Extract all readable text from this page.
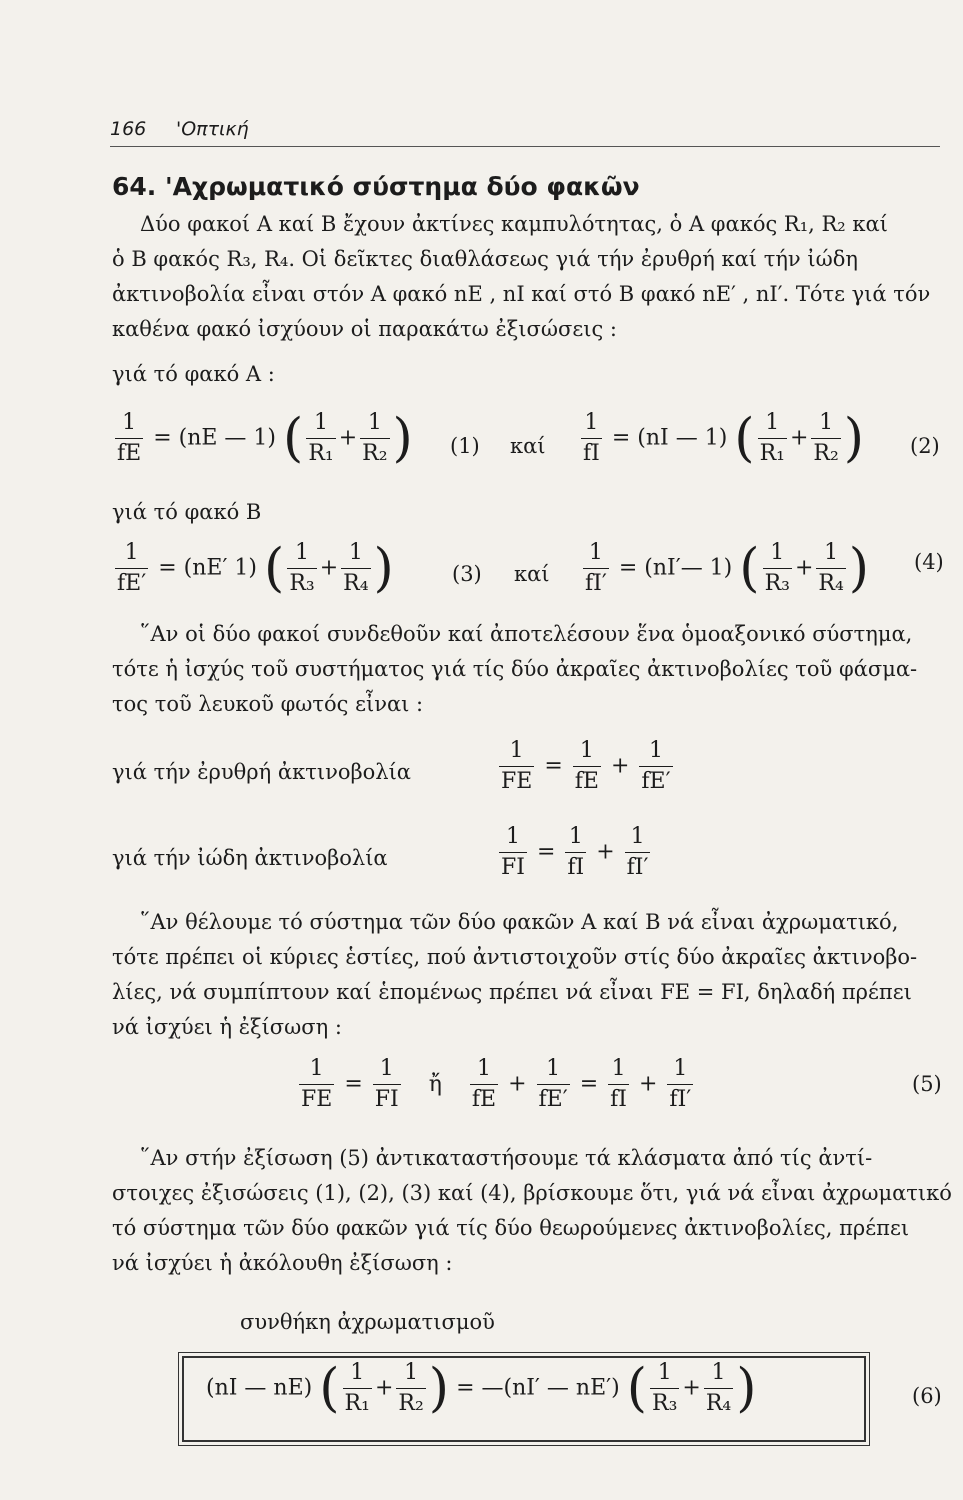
166 'Οπτική
64. 'Αχρωματικό σύστημα δύο φακῶν
Δύο φακοί Α καί Β ἔχουν ἀκτίνες καμπυλότητας, ὁ Α φακός R₁, R₂ καί
ὁ Β φακός R₃, R₄. Οἱ δεῖκτες διαθλάσεως γιά τήν ἐρυθρή καί τήν ἰώδη
ἀκτινοβολία εἶναι στόν Α φακό nE , nI καί στό Β φακό nE′ , nI′. Τότε γιά τόν
καθένα φακό ἰσχύουν οἱ παρακάτω ἐξισώσεις :
γιά τό φακό Α :
$\frac{1}{fE} = (nE$ — 1) ( $\frac{1}{\text{R₁}} + \frac{1}{\text{R₂}}$ ) (1) καί $\frac{1}{fI} = (nI$ — 1) ( $\frac{1}{\text{R₁}} + \frac{1}{\text{R₂}}$ ) (2)
γιά τό φακό Β
$\frac{1}{fE'} = (nE'$ 1) ( $\frac{1}{\text{R₃}} + \frac{1}{\text{R₄}}$ )	(3) καί $\frac{1}{fI'}$ = (nI′— 1) ( $\frac{1}{\text{R₃}} + \frac{1}{\text{R₄}}$ ) (4)
῞Αν οἱ δύο φακοί συνδεθοῦν καί ἀποτελέσουν ἕνα ὁμοαξονικό σύστημα,
τότε ἡ ἰσχύς τοῦ συστήματος γιά τίς δύο ἀκραῖες ἀκτινοβολίες τοῦ φάσμα-
τος τοῦ λευκοῦ φωτός εἶναι :
γιά τήν ἐρυθρή ἀκτινοβολία	$\frac{1}{FE} = \frac{1}{fE} + \frac{1}{fE'}$
γιά τήν ἰώδη ἀκτινοβολία	$\frac{1}{FI} = \frac{1}{fI} + \frac{1}{fI'}$
῞Αν θέλουμε τό σύστημα τῶν δύο φακῶν Α καί Β νά εἶναι ἀχρωματικό,
τότε πρέπει οἱ κύριες ἑστίες, πού ἀντιστοιχοῦν στίς δύο ἀκραῖες ἀκτινοβο-
λίες, νά συμπίπτουν καί ἑπομένως πρέπει νά εἶναι FE = FI, δηλαδή πρέπει
νά ἰσχύει ἡ ἐξίσωση :
$\frac{1}{FE} = \frac{1}{FI}$ ἤ $\frac{1}{fE} + \frac{1}{fE'} = \frac{1}{fI} + \frac{1}{fI'}$	(5)
῞Αν στήν ἐξίσωση (5) ἀντικαταστήσουμε τά κλάσματα ἀπό τίς ἀντί-
στοιχες ἐξισώσεις (1), (2), (3) καί (4), βρίσκουμε ὅτι, γιά νά εἶναι ἀχρωματικό
τό σύστημα τῶν δύο φακῶν γιά τίς δύο θεωρούμενες ἀκτινοβολίες, πρέπει
νά ἰσχύει ἡ ἀκόλουθη ἐξίσωση :
συνθήκη ἀχρωματισμοῦ
(nI — nE) ( $\frac{1}{\text{R₁}} + \frac{1}{\text{R₂}}$ ) = —(nI′ — nE′) ( $\frac{1}{\text{R₃}} + \frac{1}{\text{R₄}}$ )	(6)
